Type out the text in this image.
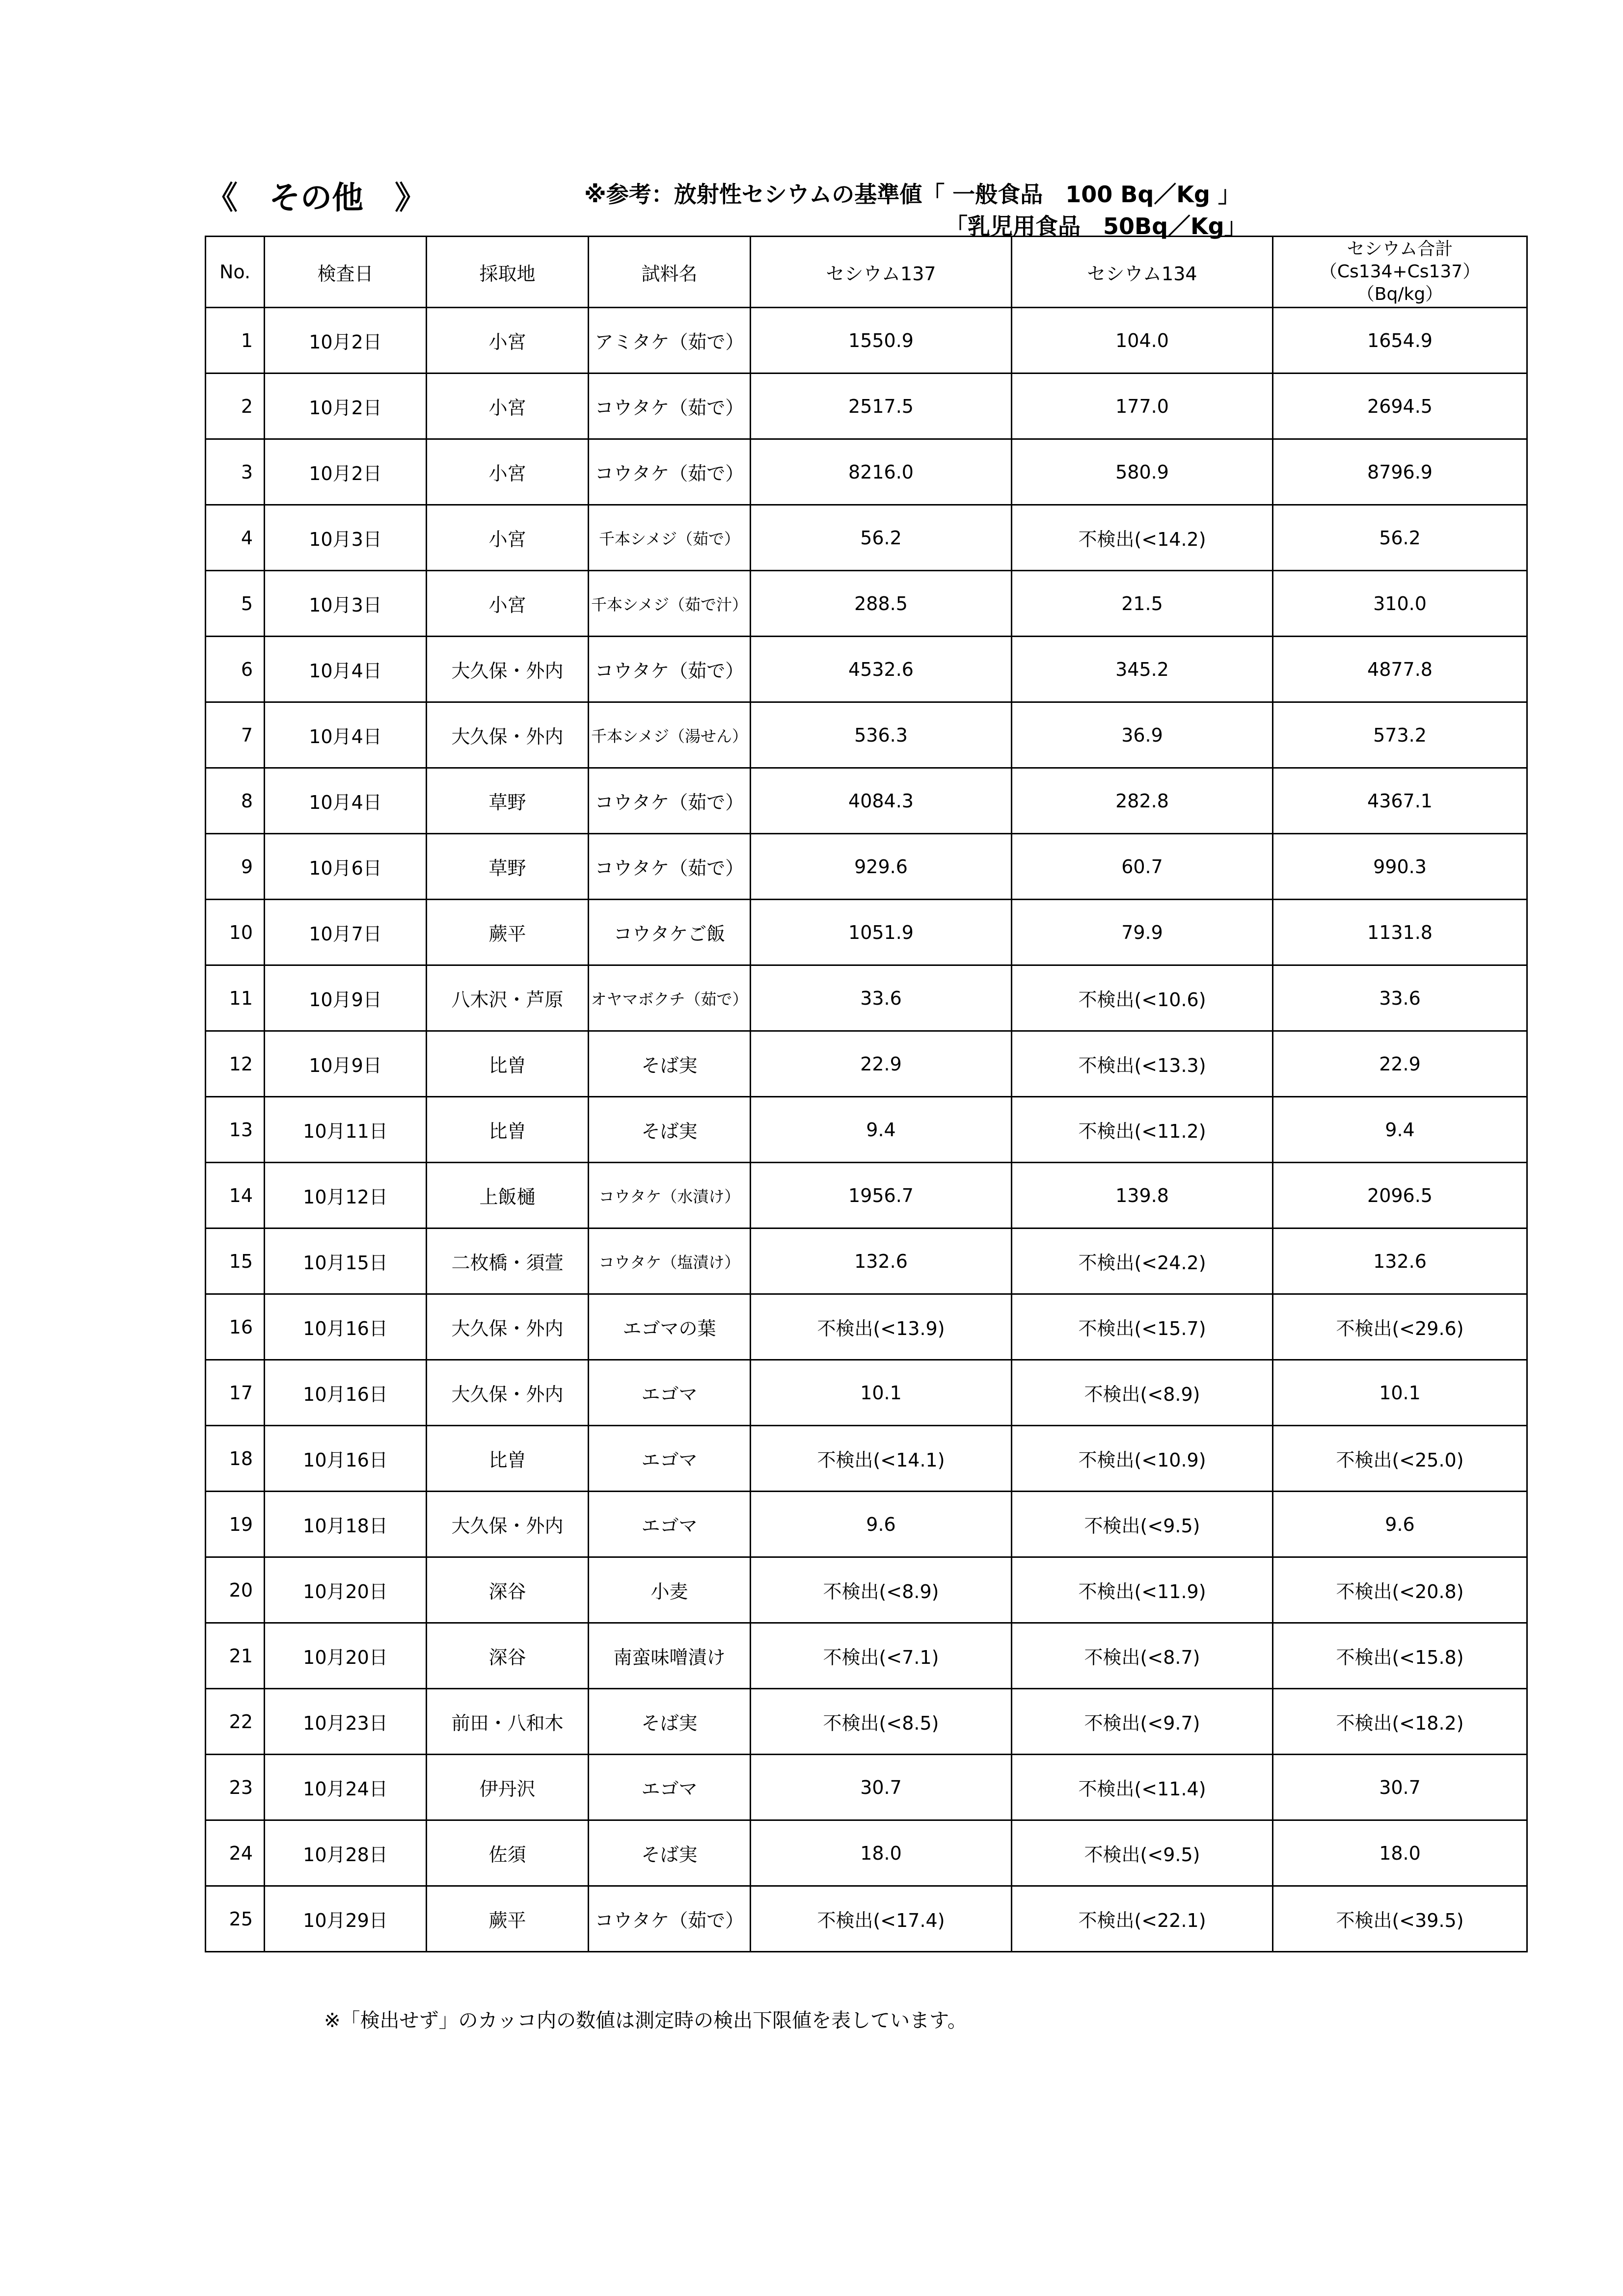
《　その他　》	※参考：放射性セシウムの基準値「 一般食品　100 Bq／Kg 」
「乳児用食品　50Bq／Kg」
No.	検査日	採取地	試料名	セシウム137	セシウム134	セシウム合計
（Cs134+Cs137）
（Bq/kg）

1	10月2日	小宮	アミタケ（茹で）	1550.9	104.0	1654.9
2	10月2日	小宮	コウタケ（茹で）	2517.5	177.0	2694.5
3	10月2日	小宮	コウタケ（茹で）	8216.0	580.9	8796.9
4	10月3日	小宮	千本シメジ（茹で）	56.2	不検出(<14.2)	56.2
5	10月3日	小宮	千本シメジ（茹で汁）	288.5	21.5	310.0
6	10月4日	大久保・外内	コウタケ（茹で）	4532.6	345.2	4877.8
7	10月4日	大久保・外内	千本シメジ（湯せん）	536.3	36.9	573.2
8	10月4日	草野	コウタケ（茹で）	4084.3	282.8	4367.1
9	10月6日	草野	コウタケ（茹で）	929.6	60.7	990.3
10	10月7日	蕨平	コウタケご飯	1051.9	79.9	1131.8
11	10月9日	八木沢・芦原	オヤマボクチ（茹で）	33.6	不検出(<10.6)	33.6
12	10月9日	比曽	そば実	22.9	不検出(<13.3)	22.9
13	10月11日	比曽	そば実	9.4	不検出(<11.2)	9.4
14	10月12日	上飯樋	コウタケ（水漬け）	1956.7	139.8	2096.5
15	10月15日	二枚橋・須萱	コウタケ（塩漬け）	132.6	不検出(<24.2)	132.6
16	10月16日	大久保・外内	エゴマの葉	不検出(<13.9)	不検出(<15.7)	不検出(<29.6)
17	10月16日	大久保・外内	エゴマ	10.1	不検出(<8.9)	10.1
18	10月16日	比曽	エゴマ	不検出(<14.1)	不検出(<10.9)	不検出(<25.0)
19	10月18日	大久保・外内	エゴマ	9.6	不検出(<9.5)	9.6
20	10月20日	深谷	小麦	不検出(<8.9)	不検出(<11.9)	不検出(<20.8)
21	10月20日	深谷	南蛮味噌漬け	不検出(<7.1)	不検出(<8.7)	不検出(<15.8)
22	10月23日	前田・八和木	そば実	不検出(<8.5)	不検出(<9.7)	不検出(<18.2)
23	10月24日	伊丹沢	エゴマ	30.7	不検出(<11.4)	30.7
24	10月28日	佐須	そば実	18.0	不検出(<9.5)	18.0
25	10月29日	蕨平	コウタケ（茹で）	不検出(<17.4)	不検出(<22.1)	不検出(<39.5)
※「検出せず」のカッコ内の数値は測定時の検出下限値を表しています。
